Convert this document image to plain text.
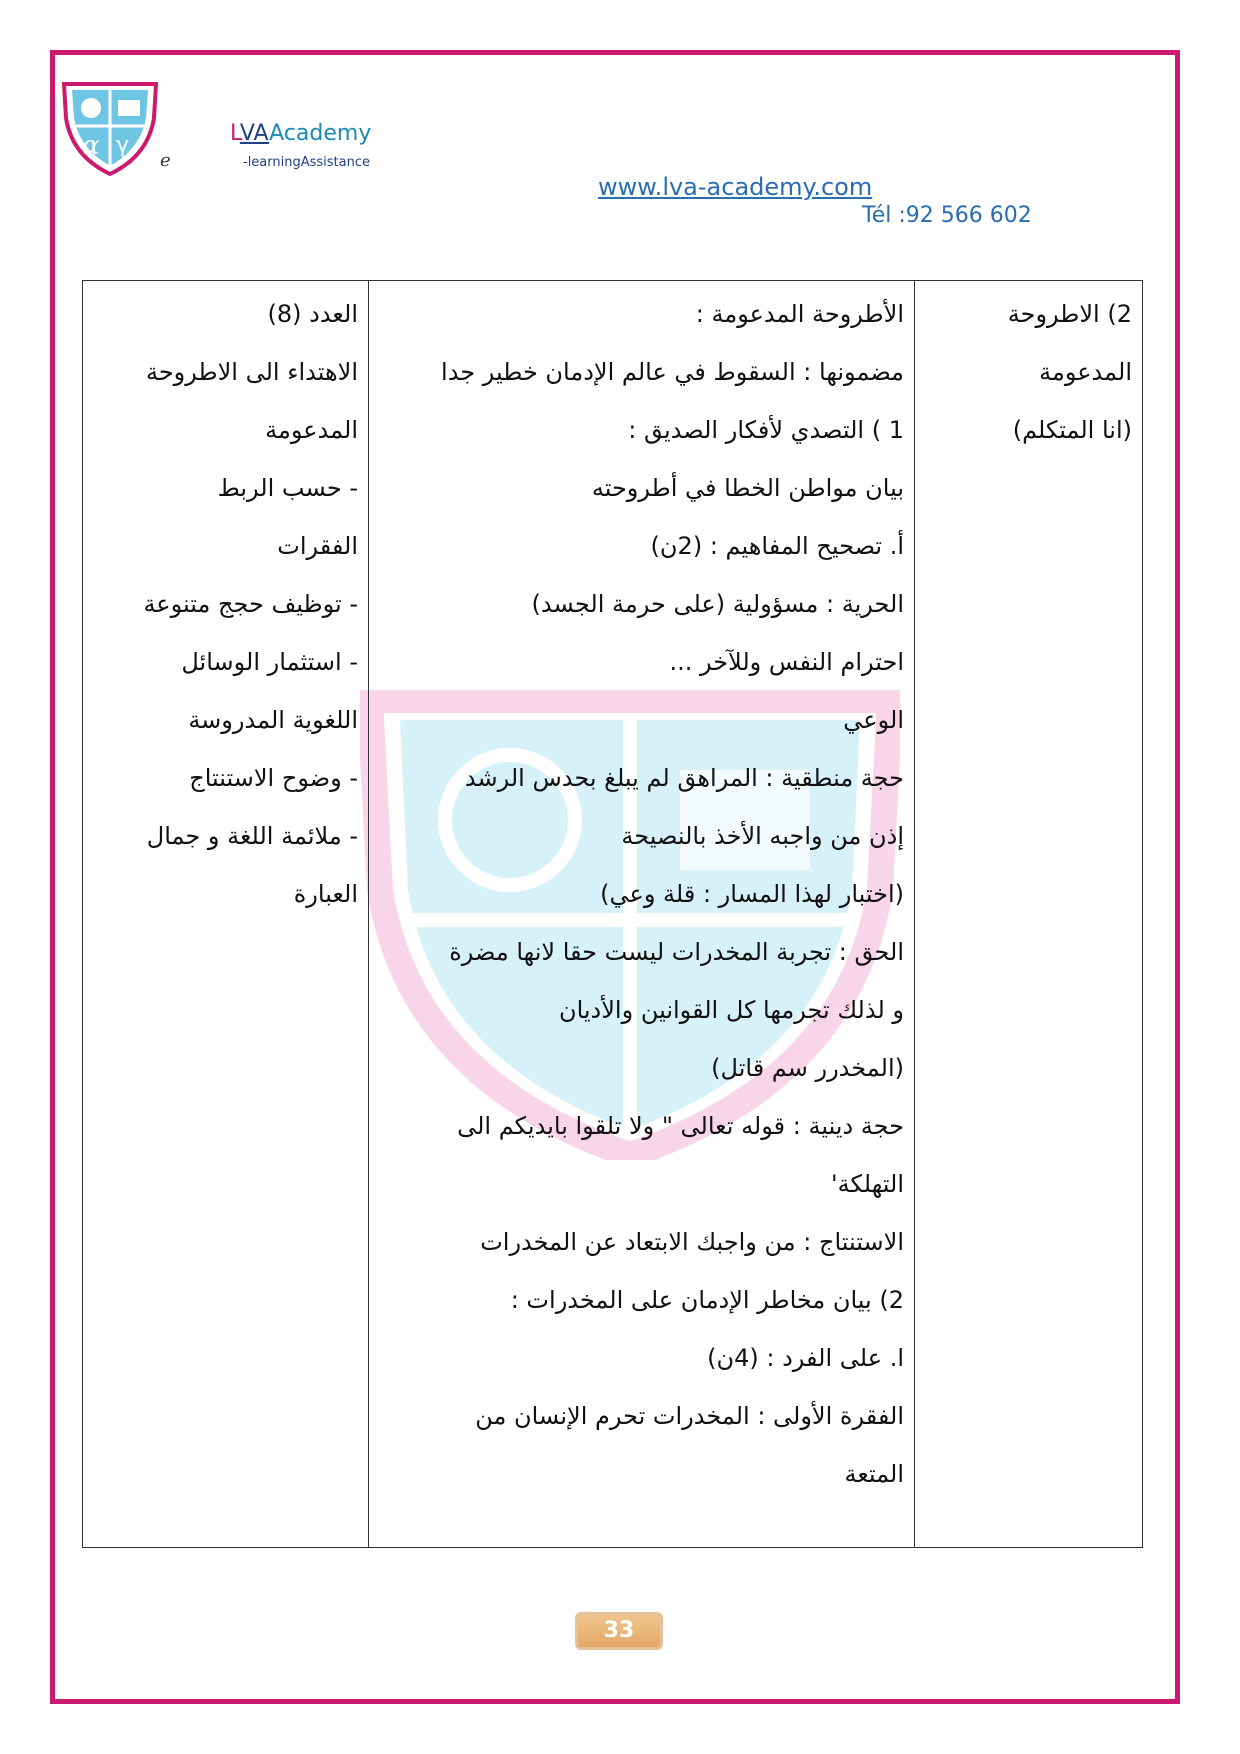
α γ
e
LVAAcademy
-learningAssistance
www.lva-academy.com
Tél :92 566 602
2) الاطروحة
المدعومة
(انا المتكلم)

الأطروحة المدعومة :
مضمونها : السقوط في عالم الإدمان خطير جدا
1 ) التصدي لأفكار الصديق :
بيان مواطن الخطا في أطروحته
أ. تصحيح المفاهيم : (2ن)
الحرية : مسؤولية (على حرمة الجسد)
احترام النفس وللآخر ...
الوعي
حجة منطقية : المراهق لم يبلغ بحدس الرشد
إذن من واجبه الأخذ بالنصيحة
(اختبار لهذا المسار : قلة وعي)
الحق : تجربة المخدرات ليست حقا لانها مضرة
و لذلك تجرمها كل القوانين والأديان
(المخدرر سم قاتل)
حجة دينية : قوله تعالى " ولا تلقوا بايديكم الى
التهلكة'
الاستنتاج : من واجبك الابتعاد عن المخدرات
2) بيان مخاطر الإدمان على المخدرات :
ا. على الفرد : (4ن)
الفقرة الأولى : المخدرات تحرم الإنسان من
المتعة

العدد (8)
الاهتداء الى الاطروحة
المدعومة
- حسب الربط
الفقرات
- توظيف حجج متنوعة
- استثمار الوسائل
اللغوية المدروسة
- وضوح الاستنتاج
- ملائمة اللغة و جمال
العبارة
33
